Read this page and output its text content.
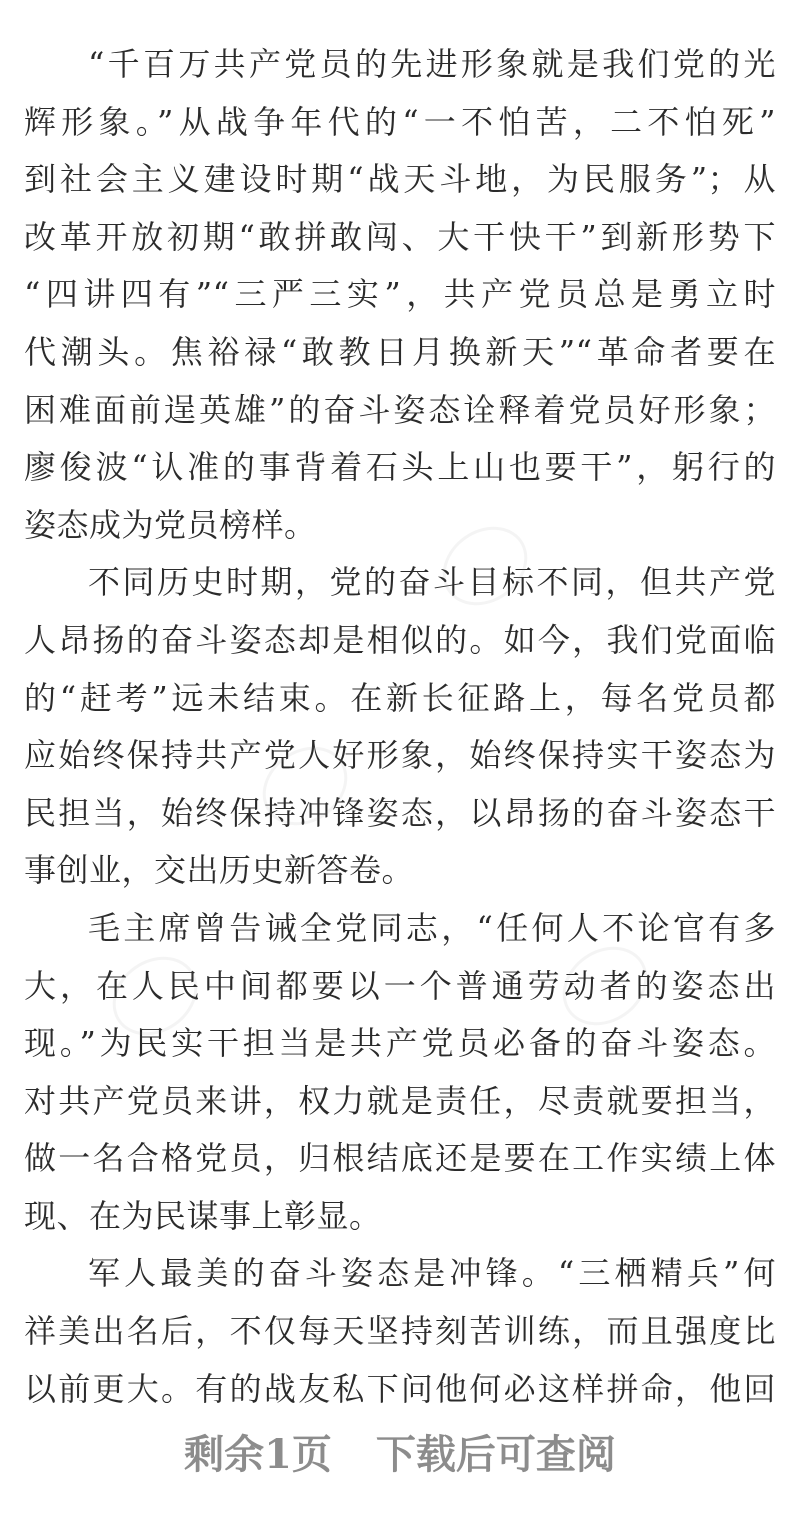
“千百万共产党员的先进形象就是我们党的光
辉形象。”从战争年代的“一不怕苦，二不怕死”
到社会主义建设时期“战天斗地，为民服务”；从
改革开放初期“敢拼敢闯、大干快干”到新形势下
“四讲四有”“三严三实”，共产党员总是勇立时
代潮头。焦裕禄“敢教日月换新天”“革命者要在
困难面前逞英雄”的奋斗姿态诠释着党员好形象；
廖俊波“认准的事背着石头上山也要干”，躬行的
姿态成为党员榜样。
不同历史时期，党的奋斗目标不同，但共产党
人昂扬的奋斗姿态却是相似的。如今，我们党面临
的“赶考”远未结束。在新长征路上，每名党员都
应始终保持共产党人好形象，始终保持实干姿态为
民担当，始终保持冲锋姿态，以昂扬的奋斗姿态干
事创业，交出历史新答卷。
毛主席曾告诫全党同志，“任何人不论官有多
大，在人民中间都要以一个普通劳动者的姿态出
现。”为民实干担当是共产党员必备的奋斗姿态。
对共产党员来讲，权力就是责任，尽责就要担当，
做一名合格党员，归根结底还是要在工作实绩上体
现、在为民谋事上彰显。
军人最美的奋斗姿态是冲锋。“三栖精兵”何
祥美出名后，不仅每天坚持刻苦训练，而且强度比
以前更大。有的战友私下问他何必这样拼命，他回

剩余1页 下载后可查阅
